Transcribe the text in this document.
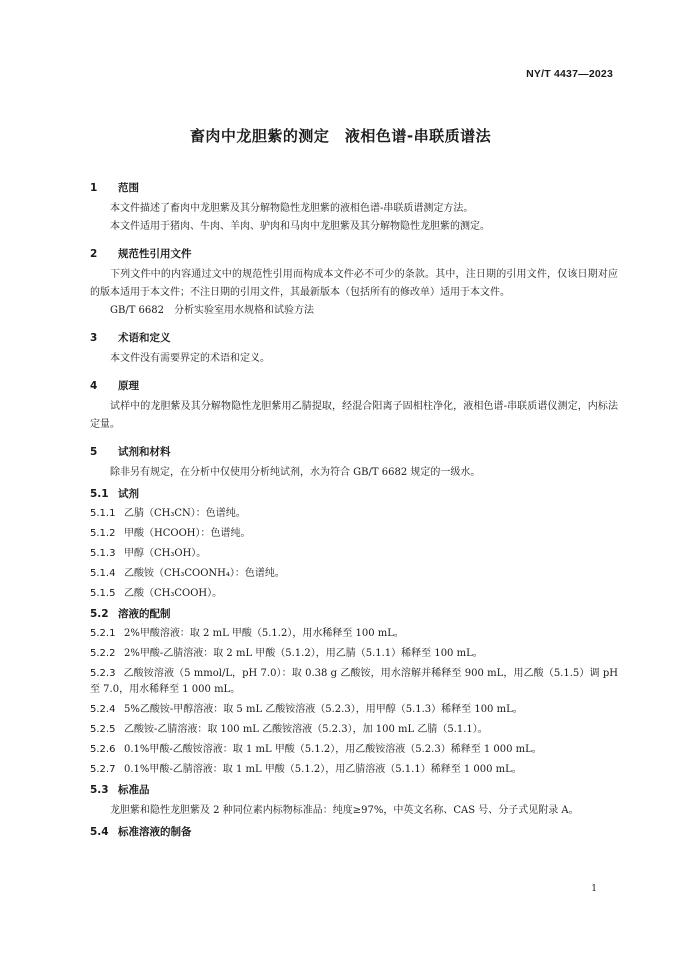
NY/T 4437—2023
畜肉中龙胆紫的测定　液相色谱-串联质谱法
1 范围

本文件描述了畜肉中龙胆紫及其分解物隐性龙胆紫的液相色谱-串联质谱测定方法。

本文件适用于猪肉、牛肉、羊肉、驴肉和马肉中龙胆紫及其分解物隐性龙胆紫的测定。

2 规范性引用文件

下列文件中的内容通过文中的规范性引用而构成本文件必不可少的条款。其中，注日期的引用文件，仅该日期对应的版本适用于本文件；不注日期的引用文件，其最新版本（包括所有的修改单）适用于本文件。

GB/T 6682　分析实验室用水规格和试验方法
3 术语和定义

本文件没有需要界定的术语和定义。

4 原理

试样中的龙胆紫及其分解物隐性龙胆紫用乙腈提取，经混合阳离子固相柱净化，液相色谱-串联质谱仪测定，内标法定量。

5 试剂和材料

除非另有规定，在分析中仅使用分析纯试剂，水为符合 GB/T 6682 规定的一级水。

5.1 试剂
5.1.1 乙腈（CH₃CN）：色谱纯。
5.1.2 甲酸（HCOOH）：色谱纯。
5.1.3 甲醇（CH₃OH）。
5.1.4 乙酸铵（CH₃COONH₄）：色谱纯。
5.1.5 乙酸（CH₃COOH）。
5.2 溶液的配制
5.2.1 2%甲酸溶液：取 2 mL 甲酸（5.1.2），用水稀释至 100 mL。
5.2.2 2%甲酸-乙腈溶液：取 2 mL 甲酸（5.1.2），用乙腈（5.1.1）稀释至 100 mL。

5.2.3 乙酸铵溶液（5 mmol/L，pH 7.0）：取 0.38 g 乙酸铵，用水溶解并稀释至 900 mL，用乙酸（5.1.5）调 pH 至 7.0，用水稀释至 1 000 mL。

5.2.4 5%乙酸铵-甲醇溶液：取 5 mL 乙酸铵溶液（5.2.3），用甲醇（5.1.3）稀释至 100 mL。
5.2.5 乙酸铵-乙腈溶液：取 100 mL 乙酸铵溶液（5.2.3），加 100 mL 乙腈（5.1.1）。
5.2.6 0.1%甲酸-乙酸铵溶液：取 1 mL 甲酸（5.1.2），用乙酸铵溶液（5.2.3）稀释至 1 000 mL。
5.2.7 0.1%甲酸-乙腈溶液：取 1 mL 甲酸（5.1.2），用乙腈溶液（5.1.1）稀释至 1 000 mL。
5.3 标准品

龙胆紫和隐性龙胆紫及 2 种同位素内标物标准品：纯度≥97%，中英文名称、CAS 号、分子式见附录 A。

5.4 标准溶液的制备
1
